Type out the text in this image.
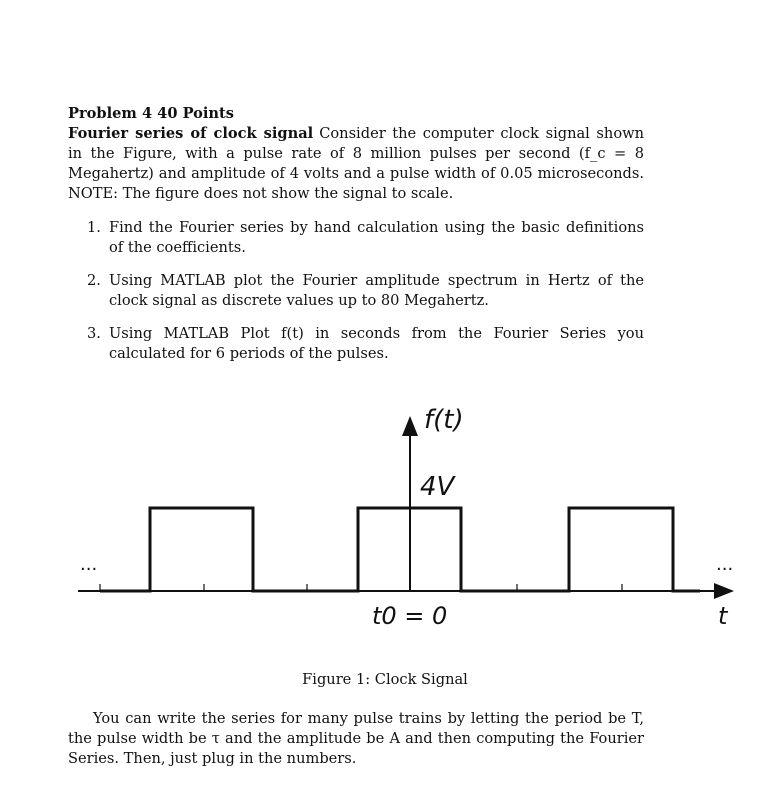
Problem 4 40 Points

Fourier series of clock signal Consider the computer clock signal shown in the Figure, with a pulse rate of 8 million pulses per second (f_c = 8 Megahertz) and amplitude of 4 volts and a pulse width of 0.05 microseconds. NOTE: The figure does not show the signal to scale.

1. Find the Fourier series by hand calculation using the basic definitions of the coefficients.
2. Using MATLAB plot the Fourier amplitude spectrum in Hertz of the clock signal as discrete values up to 80 Megahertz.
3. Using MATLAB Plot f(t) in seconds from the Fourier Series you calculated for 6 periods of the pulses.
f(t)
4V
t0 = 0	t
...	...
Figure 1: Clock Signal

You can write the series for many pulse trains by letting the period be T, the pulse width be τ and the amplitude be A and then computing the Fourier Series. Then, just plug in the numbers.
